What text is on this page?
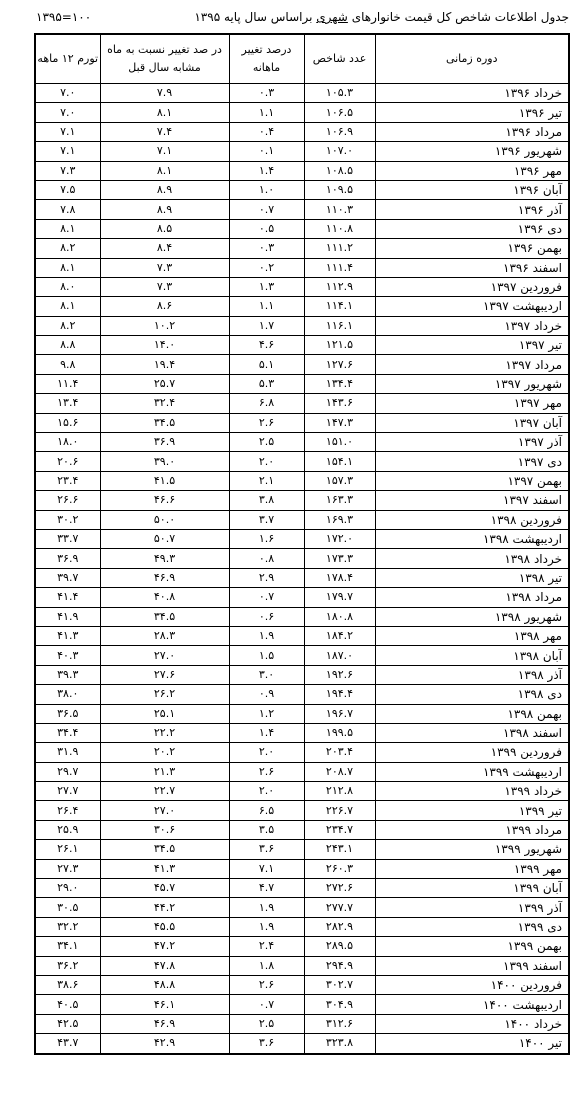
جدول اطلاعات شاخص کل قیمت خانوارهای شهری براساس سال پایه ۱۳۹۵
۱۳۹۵=۱۰۰
دوره زمانی	عدد شاخص	درصد تغییر ماهانه	در صد تغییر نسبت به ماه مشابه سال قبل	تورم ۱۲ ماهه
خرداد ۱۳۹۶	۱۰۵.۳	۰.۳	۷.۹	۷.۰
تیر ۱۳۹۶	۱۰۶.۵	۱.۱	۸.۱	۷.۰
مرداد ۱۳۹۶	۱۰۶.۹	۰.۴	۷.۴	۷.۱
شهریور ۱۳۹۶	۱۰۷.۰	۰.۱	۷.۱	۷.۱
مهر ۱۳۹۶	۱۰۸.۵	۱.۴	۸.۱	۷.۳
آبان ۱۳۹۶	۱۰۹.۵	۱.۰	۸.۹	۷.۵
آذر ۱۳۹۶	۱۱۰.۳	۰.۷	۸.۹	۷.۸
دی ۱۳۹۶	۱۱۰.۸	۰.۵	۸.۵	۸.۱
بهمن ۱۳۹۶	۱۱۱.۲	۰.۳	۸.۴	۸.۲
اسفند ۱۳۹۶	۱۱۱.۴	۰.۲	۷.۳	۸.۱
فروردین ۱۳۹۷	۱۱۲.۹	۱.۳	۷.۳	۸.۰
اردیبهشت ۱۳۹۷	۱۱۴.۱	۱.۱	۸.۶	۸.۱
خرداد ۱۳۹۷	۱۱۶.۱	۱.۷	۱۰.۲	۸.۲
تیر ۱۳۹۷	۱۲۱.۵	۴.۶	۱۴.۰	۸.۸
مرداد ۱۳۹۷	۱۲۷.۶	۵.۱	۱۹.۴	۹.۸
شهریور ۱۳۹۷	۱۳۴.۴	۵.۳	۲۵.۷	۱۱.۴
مهر ۱۳۹۷	۱۴۳.۶	۶.۸	۳۲.۴	۱۳.۴
آبان ۱۳۹۷	۱۴۷.۳	۲.۶	۳۴.۵	۱۵.۶
آذر ۱۳۹۷	۱۵۱.۰	۲.۵	۳۶.۹	۱۸.۰
دی ۱۳۹۷	۱۵۴.۱	۲.۰	۳۹.۰	۲۰.۶
بهمن ۱۳۹۷	۱۵۷.۳	۲.۱	۴۱.۵	۲۳.۴
اسفند ۱۳۹۷	۱۶۳.۳	۳.۸	۴۶.۶	۲۶.۶
فروردین ۱۳۹۸	۱۶۹.۳	۳.۷	۵۰.۰	۳۰.۲
اردیبهشت ۱۳۹۸	۱۷۲.۰	۱.۶	۵۰.۷	۳۳.۷
خرداد ۱۳۹۸	۱۷۳.۳	۰.۸	۴۹.۳	۳۶.۹
تیر ۱۳۹۸	۱۷۸.۴	۲.۹	۴۶.۹	۳۹.۷
مرداد ۱۳۹۸	۱۷۹.۷	۰.۷	۴۰.۸	۴۱.۴
شهریور ۱۳۹۸	۱۸۰.۸	۰.۶	۳۴.۵	۴۱.۹
مهر ۱۳۹۸	۱۸۴.۲	۱.۹	۲۸.۳	۴۱.۳
آبان ۱۳۹۸	۱۸۷.۰	۱.۵	۲۷.۰	۴۰.۳
آذر ۱۳۹۸	۱۹۲.۶	۳.۰	۲۷.۶	۳۹.۳
دی ۱۳۹۸	۱۹۴.۴	۰.۹	۲۶.۲	۳۸.۰
بهمن ۱۳۹۸	۱۹۶.۷	۱.۲	۲۵.۱	۳۶.۵
اسفند ۱۳۹۸	۱۹۹.۵	۱.۴	۲۲.۲	۳۴.۴
فروردین ۱۳۹۹	۲۰۳.۴	۲.۰	۲۰.۲	۳۱.۹
اردیبهشت ۱۳۹۹	۲۰۸.۷	۲.۶	۲۱.۳	۲۹.۷
خرداد ۱۳۹۹	۲۱۲.۸	۲.۰	۲۲.۷	۲۷.۷
تیر ۱۳۹۹	۲۲۶.۷	۶.۵	۲۷.۰	۲۶.۴
مرداد ۱۳۹۹	۲۳۴.۷	۳.۵	۳۰.۶	۲۵.۹
شهریور ۱۳۹۹	۲۴۳.۱	۳.۶	۳۴.۵	۲۶.۱
مهر ۱۳۹۹	۲۶۰.۳	۷.۱	۴۱.۳	۲۷.۳
آبان ۱۳۹۹	۲۷۲.۶	۴.۷	۴۵.۷	۲۹.۰
آذر ۱۳۹۹	۲۷۷.۷	۱.۹	۴۴.۲	۳۰.۵
دی ۱۳۹۹	۲۸۲.۹	۱.۹	۴۵.۵	۳۲.۲
بهمن ۱۳۹۹	۲۸۹.۵	۲.۴	۴۷.۲	۳۴.۱
اسفند ۱۳۹۹	۲۹۴.۹	۱.۸	۴۷.۸	۳۶.۲
فروردین ۱۴۰۰	۳۰۲.۷	۲.۶	۴۸.۸	۳۸.۶
اردیبهشت ۱۴۰۰	۳۰۴.۹	۰.۷	۴۶.۱	۴۰.۵
خرداد ۱۴۰۰	۳۱۲.۶	۲.۵	۴۶.۹	۴۲.۵
تیر ۱۴۰۰	۳۲۳.۸	۳.۶	۴۲.۹	۴۳.۷
